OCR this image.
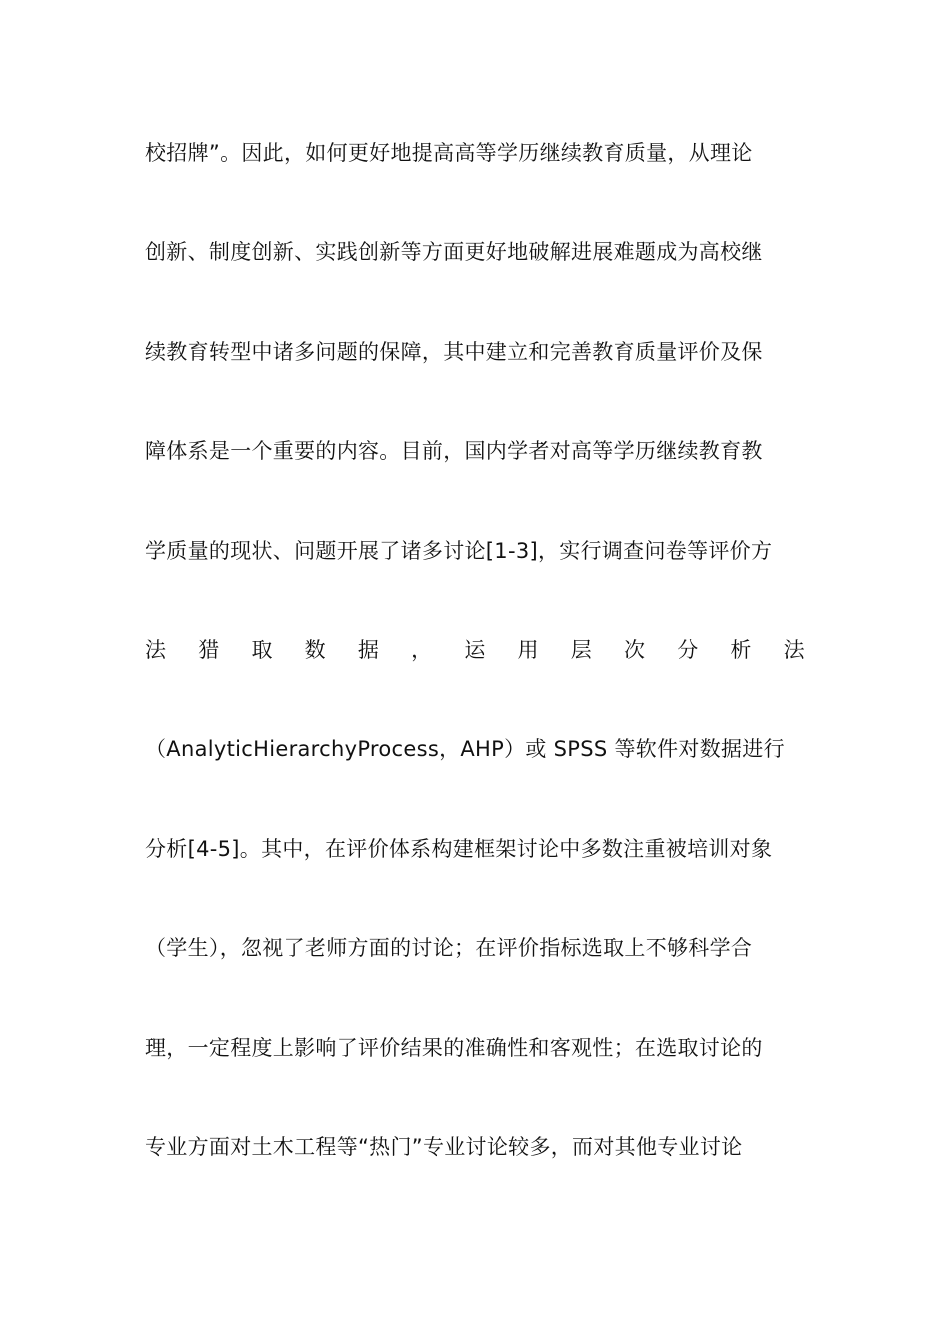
校招牌”。因此，如何更好地提高高等学历继续教育质量，从理论
创新、制度创新、实践创新等方面更好地破解进展难题成为高校继
续教育转型中诸多问题的保障，其中建立和完善教育质量评价及保
障体系是一个重要的内容。目前，国内学者对高等学历继续教育教
学质量的现状、问题开展了诸多讨论[1-3]，实行调查问卷等评价方
法 猎 取 数 据 ， 运 用 层 次 分 析 法
（AnalyticHierarchyProcess，AHP）或 SPSS 等软件对数据进行
分析[4-5]。其中，在评价体系构建框架讨论中多数注重被培训对象
（学生），忽视了老师方面的讨论；在评价指标选取上不够科学合
理，一定程度上影响了评价结果的准确性和客观性；在选取讨论的
专业方面对土木工程等“热门”专业讨论较多，而对其他专业讨论
